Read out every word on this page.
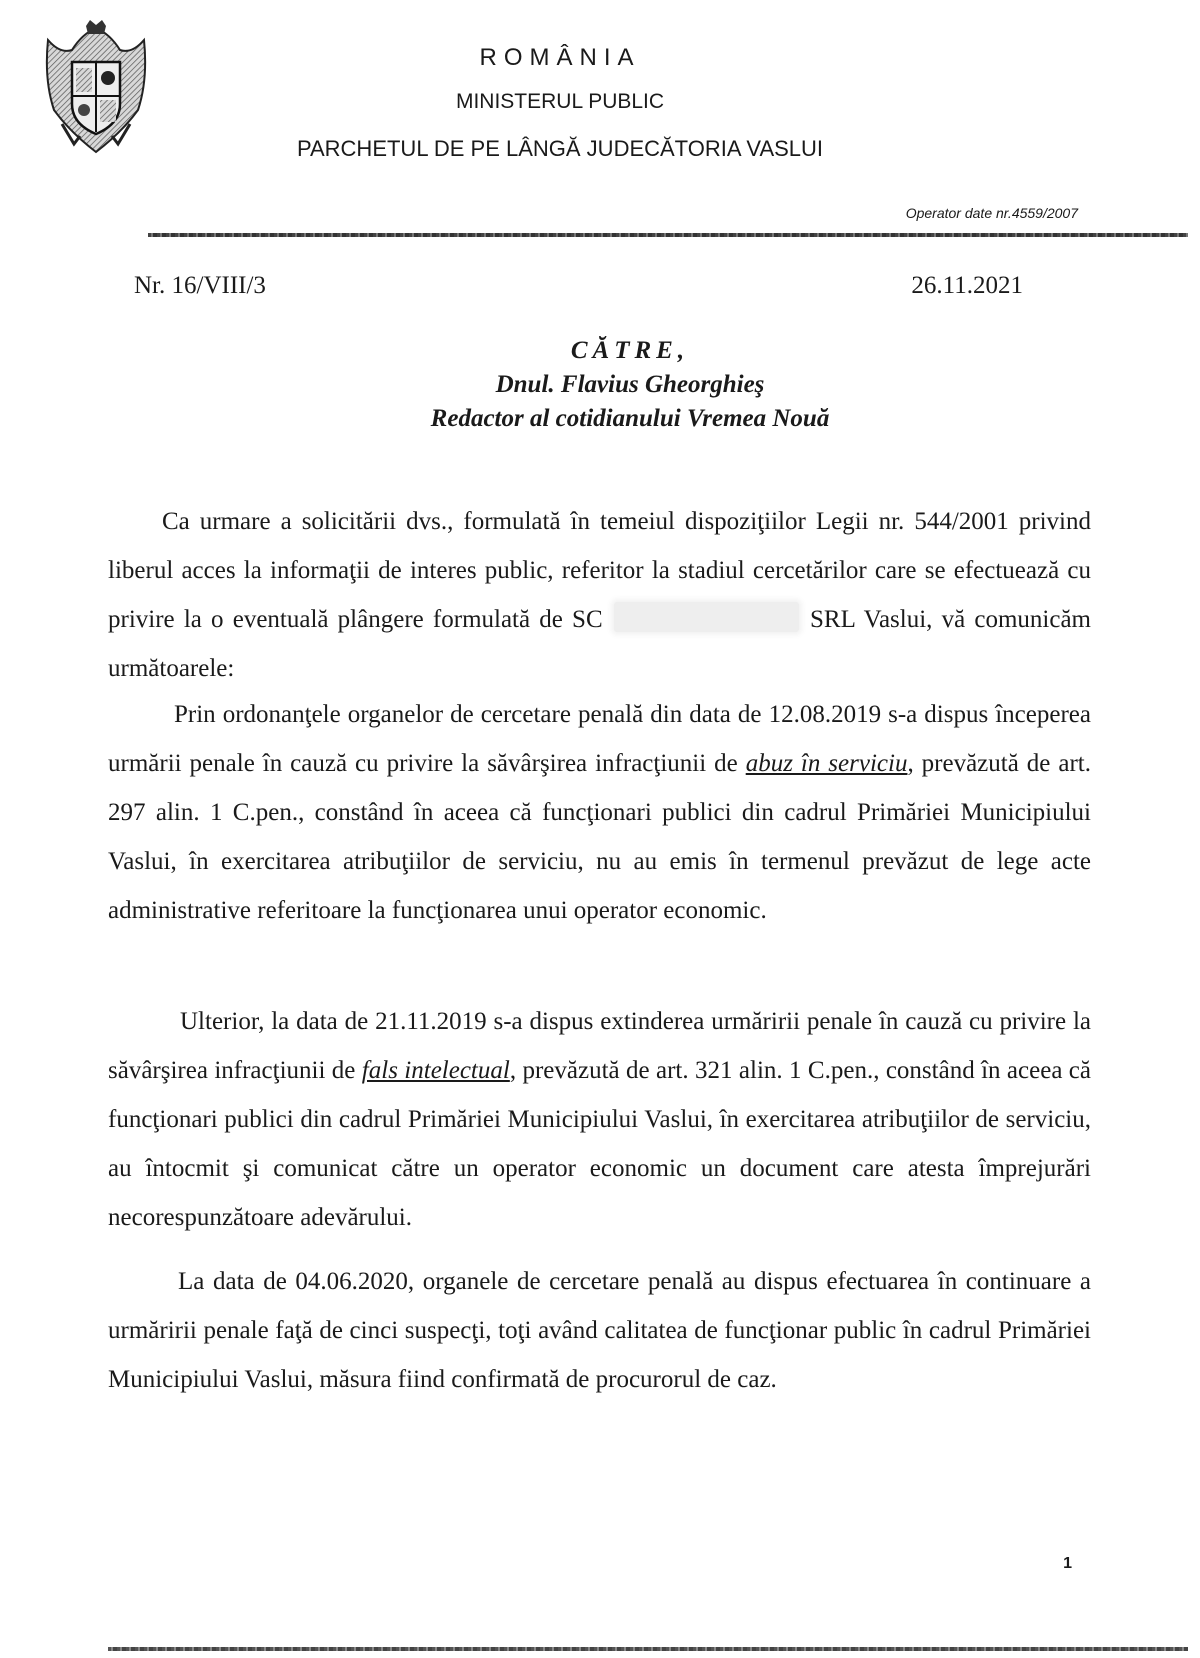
ROMÂNIA
MINISTERUL PUBLIC
PARCHETUL DE PE LÂNGĂ JUDECĂTORIA VASLUI
Operator date nr.4559/2007
Nr. 16/VIII/3	26.11.2021
CĂTRE,
Dnul. Flavius Gheorghieş
Redactor al cotidianului Vremea Nouă
Ca urmare a solicitării dvs., formulată în temeiul dispoziţiilor Legii nr. 544/2001 privind liberul acces la informaţii de interes public, referitor la stadiul cercetărilor care se efectuează cu privire la o eventuală plângere formulată de SC	SRL Vaslui, vă comunicăm următoarele:
Prin ordonanţele organelor de cercetare penală din data de 12.08.2019 s-a dispus începerea urmării penale în cauză cu privire la săvârşirea infracţiunii de abuz în serviciu, prevăzută de art. 297 alin. 1 C.pen., constând în aceea că funcţionari publici din cadrul Primăriei Municipiului Vaslui, în exercitarea atribuţiilor de serviciu, nu au emis în termenul prevăzut de lege acte administrative referitoare la funcţionarea unui operator economic.
Ulterior, la data de 21.11.2019 s-a dispus extinderea urmăririi penale în cauză cu privire la săvârşirea infracţiunii de fals intelectual, prevăzută de art. 321 alin. 1 C.pen., constând în aceea că funcţionari publici din cadrul Primăriei Municipiului Vaslui, în exercitarea atribuţiilor de serviciu, au întocmit şi comunicat către un operator economic un document care atesta împrejurări necorespunzătoare adevărului.
La data de 04.06.2020, organele de cercetare penală au dispus efectuarea în continuare a urmăririi penale faţă de cinci suspecţi, toţi având calitatea de funcţionar public în cadrul Primăriei Municipiului Vaslui, măsura fiind confirmată de procurorul de caz.
1
